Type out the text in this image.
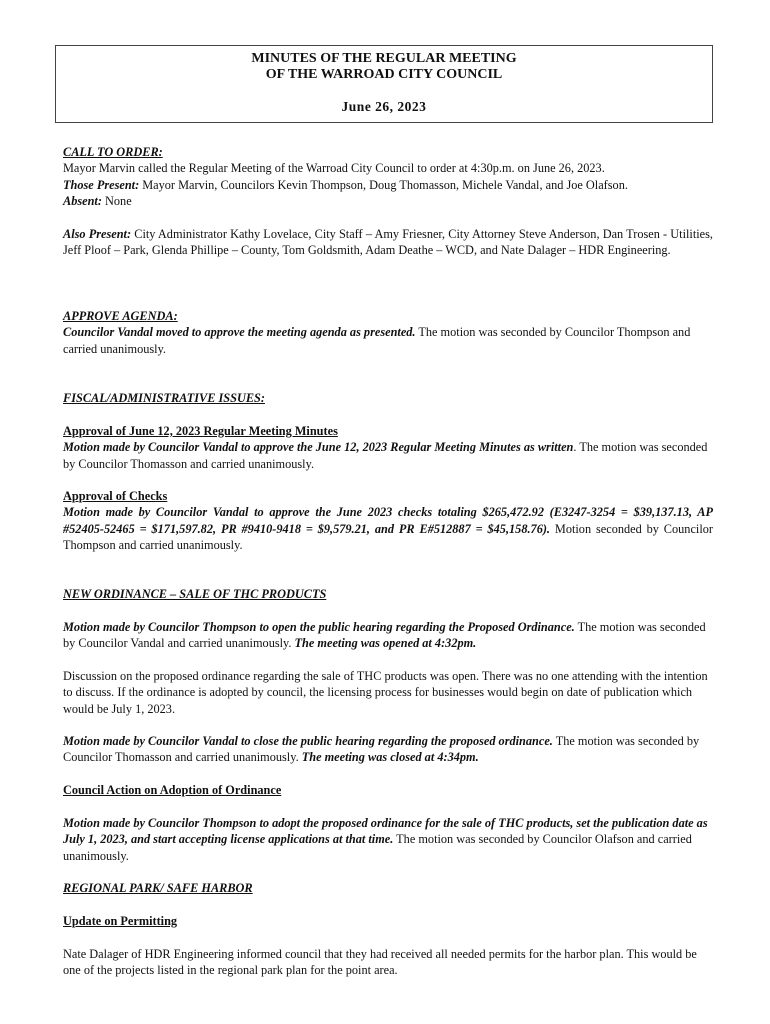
MINUTES OF THE REGULAR MEETING
OF THE WARROAD CITY COUNCIL
June 26, 2023

CALL TO ORDER:

Mayor Marvin called the Regular Meeting of the Warroad City Council to order at 4:30p.m. on June 26, 2023.

Those Present: Mayor Marvin, Councilors Kevin Thompson, Doug Thomasson, Michele Vandal, and Joe Olafson.

Absent: None

Also Present: City Administrator Kathy Lovelace, City Staff – Amy Friesner, City Attorney Steve Anderson, Dan Trosen - Utilities, Jeff Ploof – Park, Glenda Phillipe – County, Tom Goldsmith, Adam Deathe – WCD, and Nate Dalager – HDR Engineering.

APPROVE AGENDA:

Councilor Vandal moved to approve the meeting agenda as presented. The motion was seconded by Councilor Thompson and carried unanimously.

FISCAL/ADMINISTRATIVE ISSUES:

Approval of June 12, 2023 Regular Meeting Minutes

Motion made by Councilor Vandal to approve the June 12, 2023 Regular Meeting Minutes as written. The motion was seconded by Councilor Thomasson and carried unanimously.

Approval of Checks

Motion made by Councilor Vandal to approve the June 2023 checks totaling $265,472.92 (E3247-3254 = $39,137.13, AP #52405-52465 = $171,597.82, PR #9410-9418 = $9,579.21, and PR E#512887 = $45,158.76). Motion seconded by Councilor Thompson and carried unanimously.

NEW ORDINANCE – SALE OF THC PRODUCTS

Motion made by Councilor Thompson to open the public hearing regarding the Proposed Ordinance. The motion was seconded by Councilor Vandal and carried unanimously. The meeting was opened at 4:32pm.

Discussion on the proposed ordinance regarding the sale of THC products was open. There was no one attending with the intention to discuss. If the ordinance is adopted by council, the licensing process for businesses would begin on date of publication which would be July 1, 2023.

Motion made by Councilor Vandal to close the public hearing regarding the proposed ordinance. The motion was seconded by Councilor Thomasson and carried unanimously. The meeting was closed at 4:34pm.

Council Action on Adoption of Ordinance

Motion made by Councilor Thompson to adopt the proposed ordinance for the sale of THC products, set the publication date as July 1, 2023, and start accepting license applications at that time. The motion was seconded by Councilor Olafson and carried unanimously.

REGIONAL PARK/ SAFE HARBOR

Update on Permitting

Nate Dalager of HDR Engineering informed council that they had received all needed permits for the harbor plan. This would be one of the projects listed in the regional park plan for the point area.
